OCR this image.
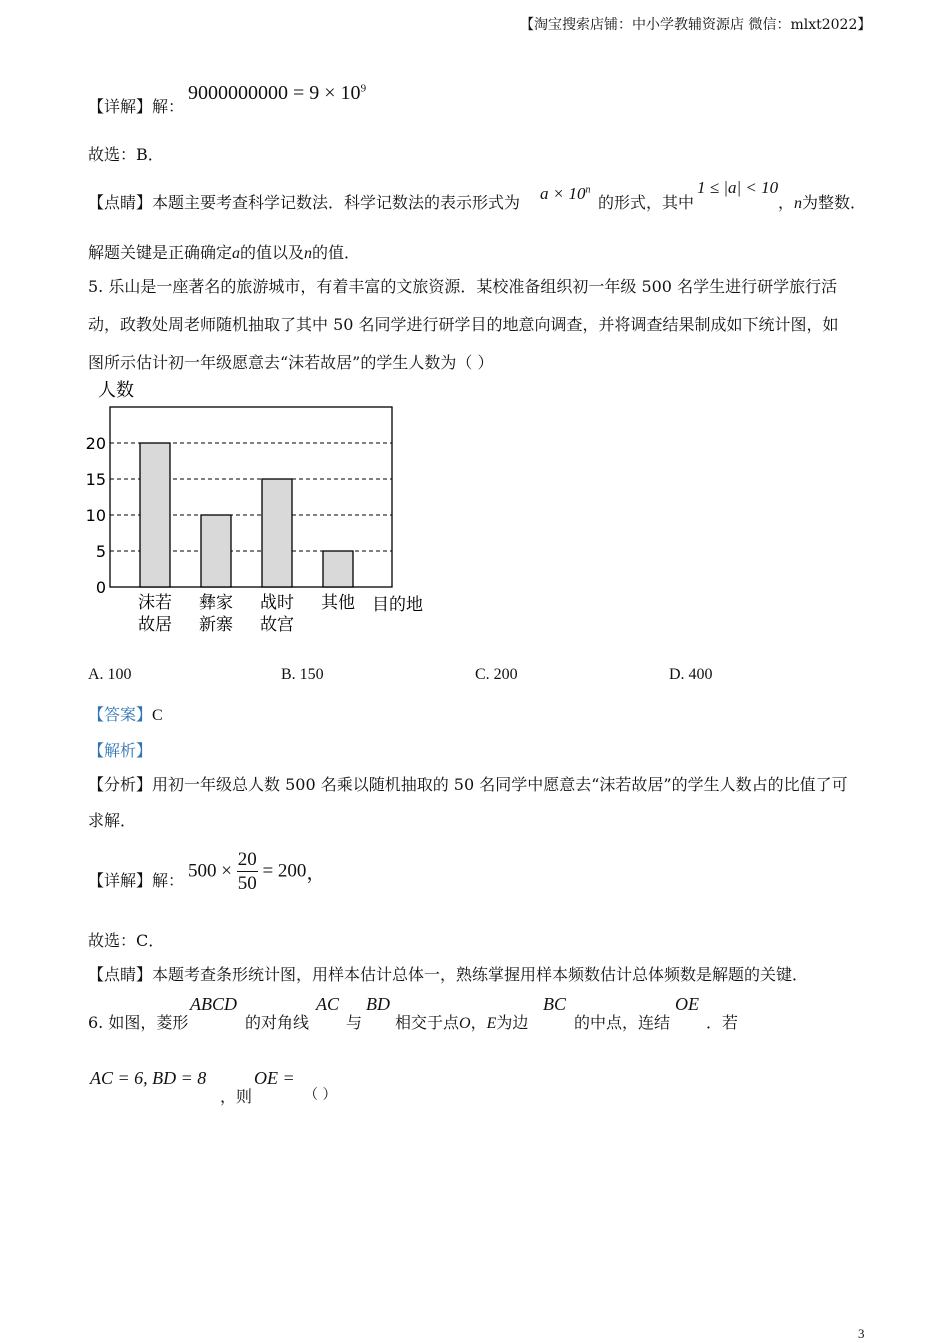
【淘宝搜索店铺：中小学教辅资源店 微信：mlxt2022】
【详解】解：
$9000000000 = 9 \times 10^9$
故选：B．
【点睛】本题主要考查科学记数法．科学记数法的表示形式为 $a \times 10^n$
的形式，其中
1 ≤ |a| < 10
，n为整数．
解题关键是正确确定a的值以及n的值．
5. 乐山是一座著名的旅游城市，有着丰富的文旅资源．某校准备组织初一年级 500 名学生进行研学旅行活
动，政教处周老师随机抽取了其中 50 名同学进行研学目的地意向调查，并将调查结果制成如下统计图，如
图所示估计初一年级愿意去“沫若故居”的学生人数为（ ）
人数
0
5
10
15
20
沫若
故居
彝家
新寨
战时
故宫
其他 目的地
A. 100	B. 150	C. 200	D. 400
【答案】C
【解析】
【分析】用初一年级总人数 500 名乘以随机抽取的 50 名同学中愿意去“沫若故居”的学生人数占的比值了可
求解．
【详解】解： $500 \times \frac{20}{50} = 200$，
故选：C．
【点睛】本题考查条形统计图，用样本估计总体一，熟练掌握用样本频数估计总体频数是解题的关键．
6. 如图，菱形
ABCD
的对角线
AC
与
BD
相交于点O，E为边
BC
的中点，连结
OE
．若
AC = 6, BD = 8
，则
OE =
（ ）
3
